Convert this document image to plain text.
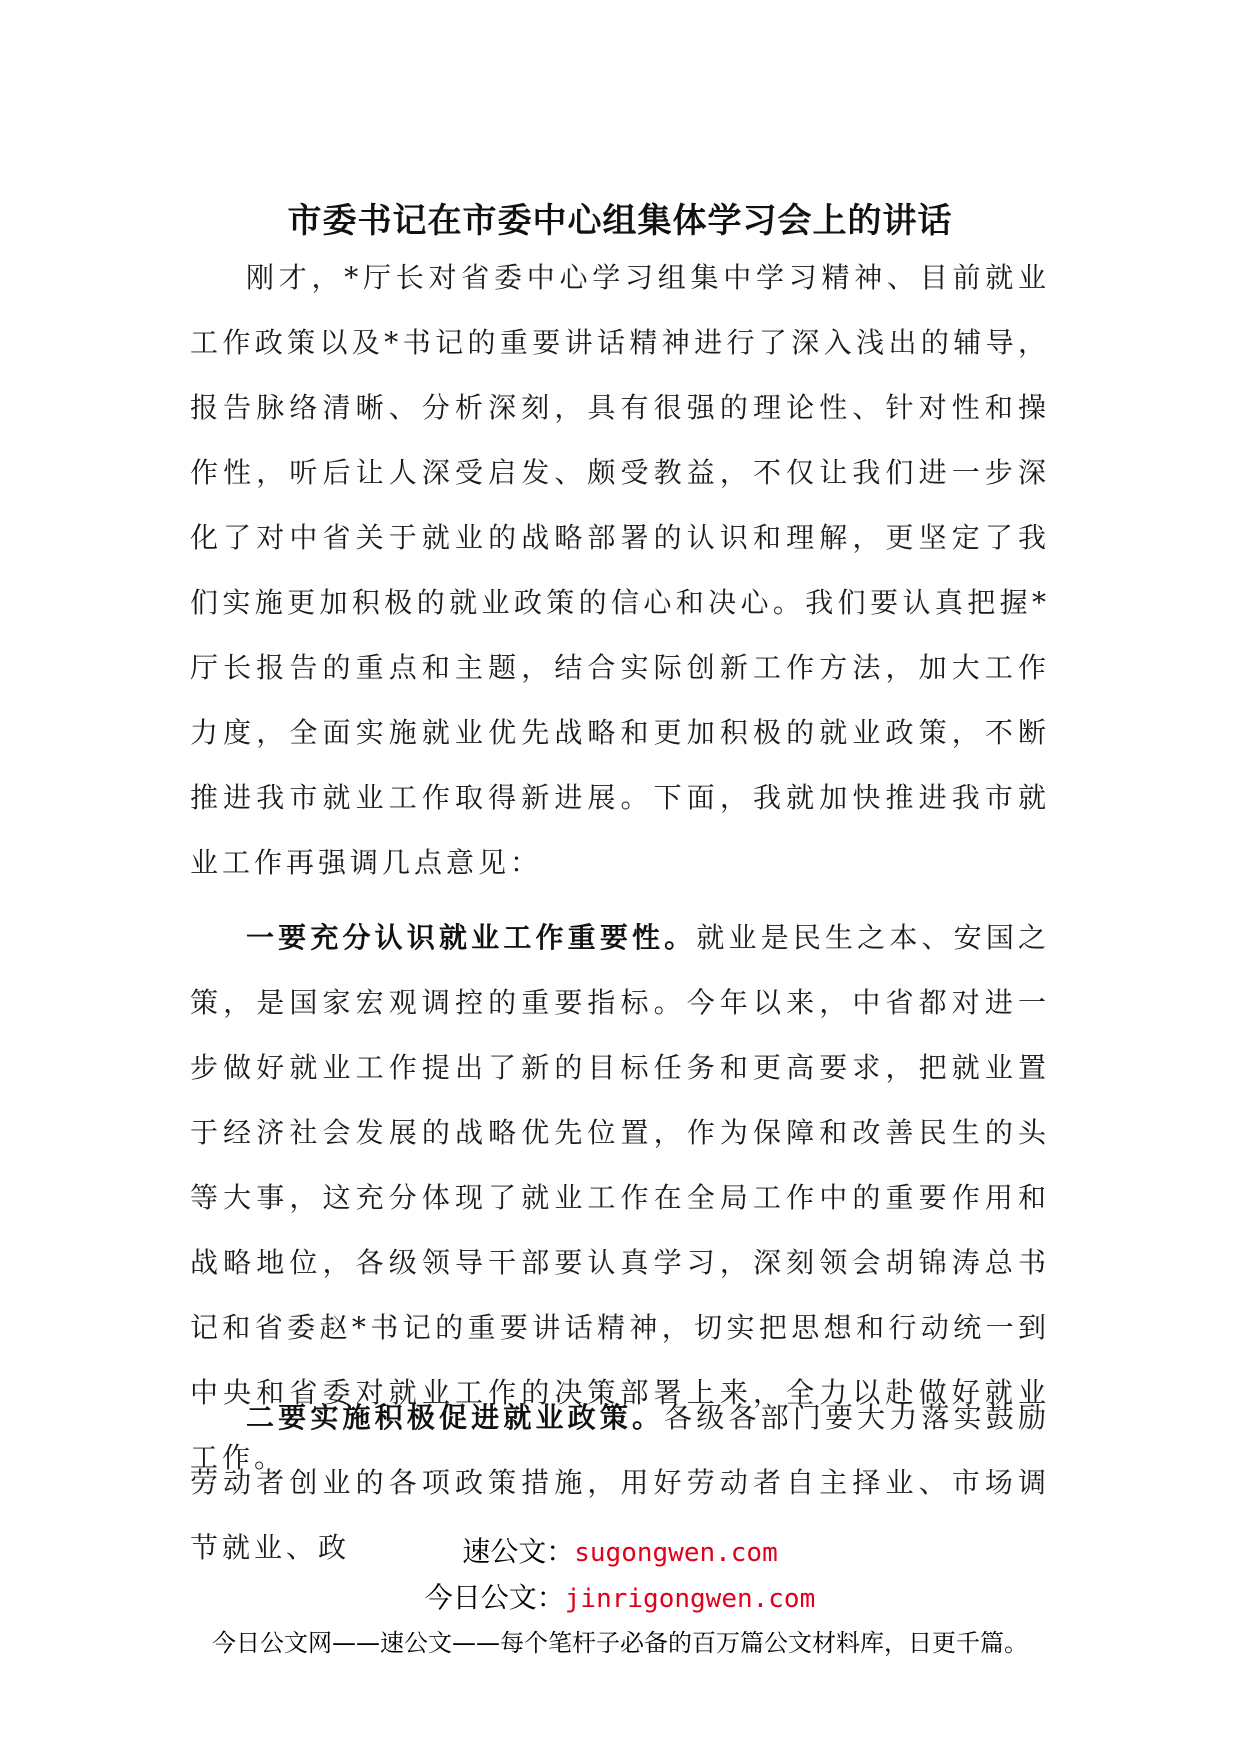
市委书记在市委中心组集体学习会上的讲话

刚才，*厅长对省委中心学习组集中学习精神、目前就业工作政策以及*书记的重要讲话精神进行了深入浅出的辅导，报告脉络清晰、分析深刻，具有很强的理论性、针对性和操作性，听后让人深受启发、颇受教益，不仅让我们进一步深化了对中省关于就业的战略部署的认识和理解，更坚定了我们实施更加积极的就业政策的信心和决心。我们要认真把握*厅长报告的重点和主题，结合实际创新工作方法，加大工作力度，全面实施就业优先战略和更加积极的就业政策，不断推进我市就业工作取得新进展。下面，我就加快推进我市就业工作再强调几点意见：

一要充分认识就业工作重要性。就业是民生之本、安国之策，是国家宏观调控的重要指标。今年以来，中省都对进一步做好就业工作提出了新的目标任务和更高要求，把就业置于经济社会发展的战略优先位置，作为保障和改善民生的头等大事，这充分体现了就业工作在全局工作中的重要作用和战略地位，各级领导干部要认真学习，深刻领会胡锦涛总书记和省委赵*书记的重要讲话精神，切实把思想和行动统一到中央和省委对就业工作的决策部署上来，全力以赴做好就业工作。

二要实施积极促进就业政策。各级各部门要大力落实鼓励劳动者创业的各项政策措施，用好劳动者自主择业、市场调节就业、政	速公文：sugongwen.com
今日公文：jinrigongwen.com
今日公文网——速公文——每个笔杆子必备的百万篇公文材料库，日更千篇。
